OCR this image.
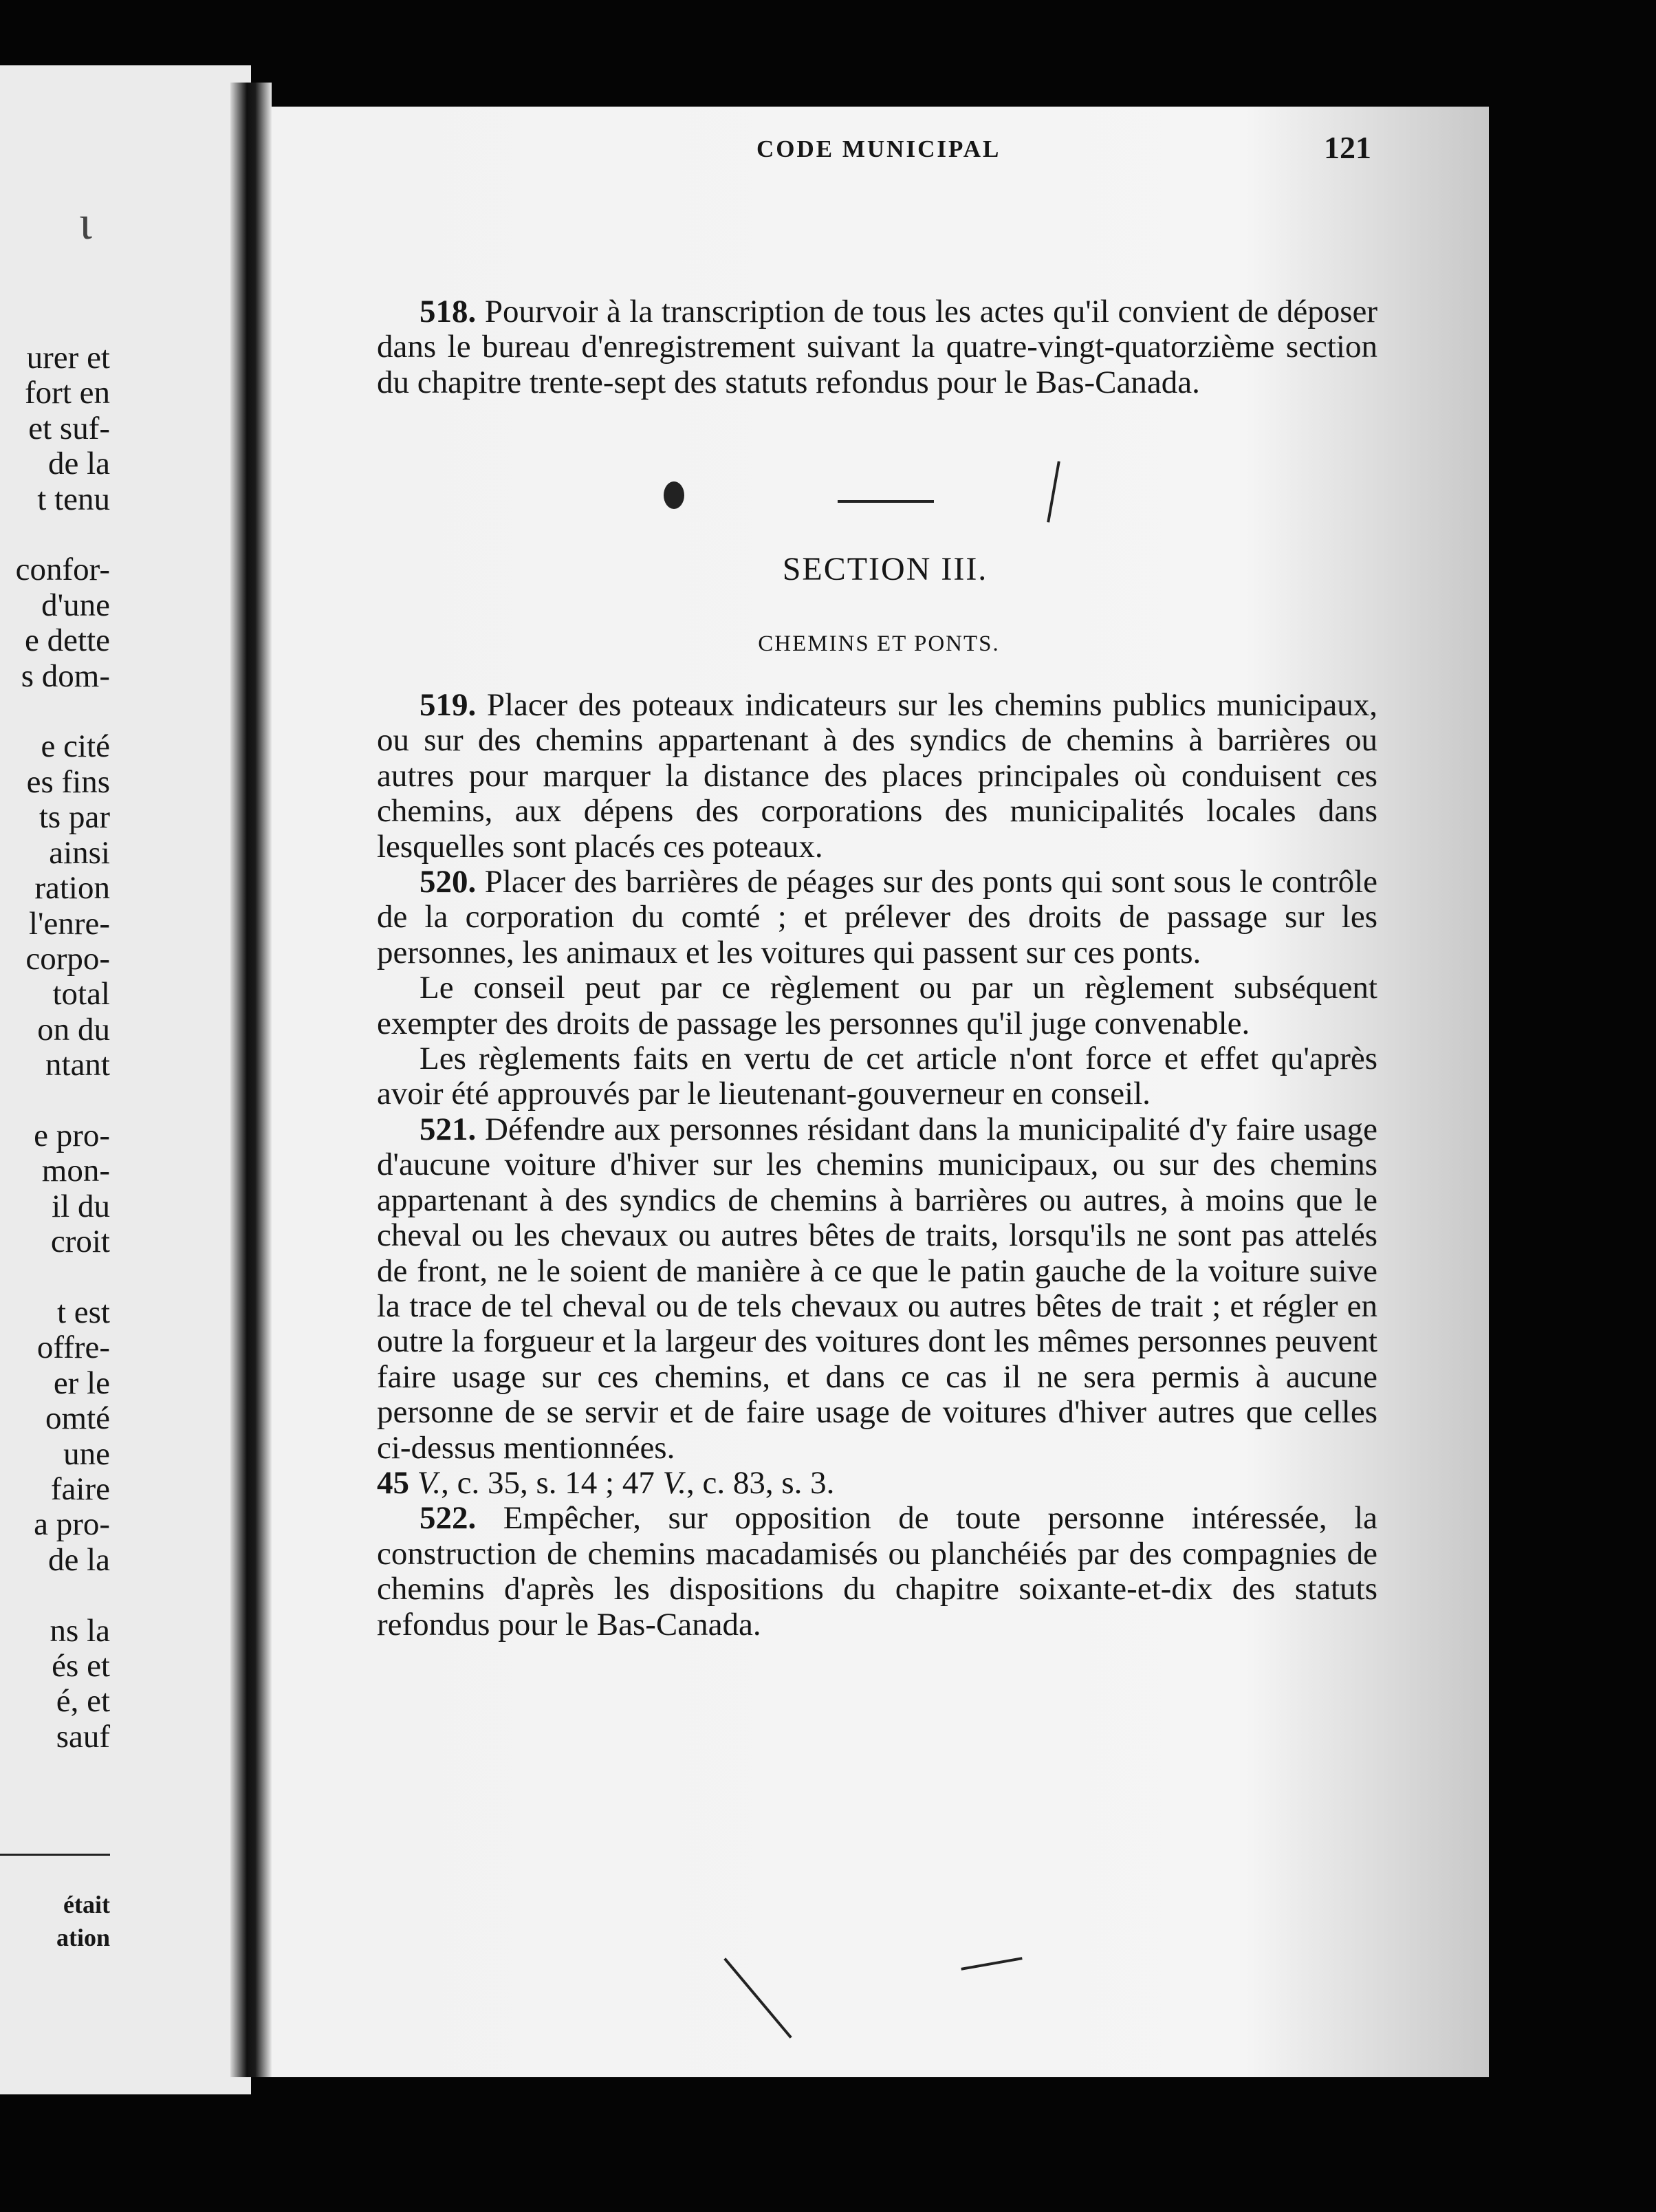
ι
urer et
fort en
et suf-
de la
t tenu

confor-
d'une
e dette
s dom-

e cité
es fins
ts par
ainsi
ration
l'enre-
corpo-
total
on du
ntant

e pro-
mon-
il du
croit

t est
offre-
er le
omté
une
faire
a pro-
de la

ns la
és et
é, et
sauf
était
ation
CODE MUNICIPAL	121

518. Pourvoir à la transcription de tous les actes qu'il convient de déposer dans le bureau d'enregistrement suivant la quatre-vingt-quatorzième section du chapitre trente-sept des statuts refondus pour le Bas-Canada.

SECTION III.
CHEMINS ET PONTS.

519. Placer des poteaux indicateurs sur les chemins publics municipaux, ou sur des chemins appartenant à des syndics de chemins à barrières ou autres pour marquer la distance des places principales où conduisent ces chemins, aux dépens des corporations des municipalités locales dans lesquelles sont placés ces poteaux.

520. Placer des barrières de péages sur des ponts qui sont sous le contrôle de la corporation du comté ; et prélever des droits de passage sur les personnes, les animaux et les voitures qui passent sur ces ponts.

Le conseil peut par ce règlement ou par un règlement subséquent exempter des droits de passage les personnes qu'il juge convenable.

Les règlements faits en vertu de cet article n'ont force et effet qu'après avoir été approuvés par le lieutenant-gouverneur en conseil.

521. Défendre aux personnes résidant dans la municipalité d'y faire usage d'aucune voiture d'hiver sur les chemins municipaux, ou sur des chemins appartenant à des syndics de chemins à barrières ou autres, à moins que le cheval ou les chevaux ou autres bêtes de traits, lorsqu'ils ne sont pas attelés de front, ne le soient de manière à ce que le patin gauche de la voiture suive la trace de tel cheval ou de tels chevaux ou autres bêtes de trait ; et régler en outre la forgueur et la largeur des voitures dont les mêmes personnes peuvent faire usage sur ces chemins, et dans ce cas il ne sera permis à aucune personne de se servir et de faire usage de voitures d'hiver autres que celles ci-dessus mentionnées.
45 V., c. 35, s. 14 ; 47 V., c. 83, s. 3.

522. Empêcher, sur opposition de toute personne intéressée, la construction de chemins macadamisés ou planchéiés par des compagnies de chemins d'après les dispositions du chapitre soixante-et-dix des statuts refondus pour le Bas-Canada.
